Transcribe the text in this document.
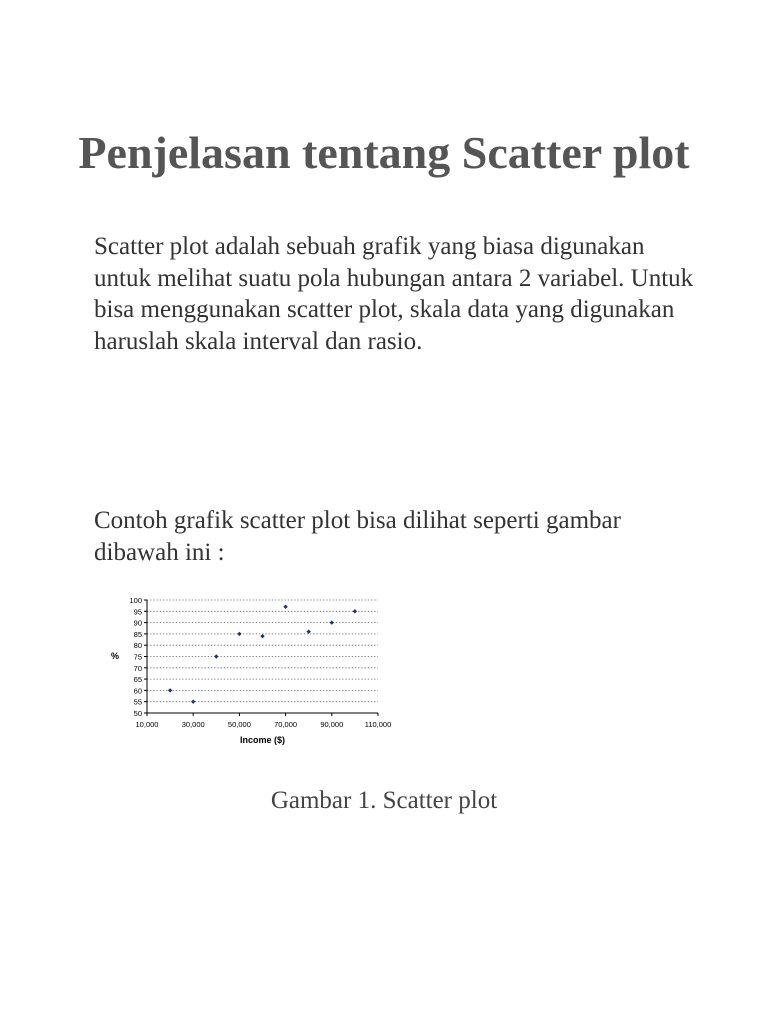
Penjelasan tentang Scatter plot

Scatter plot adalah sebuah grafik yang biasa digunakan untuk melihat suatu pola hubungan antara 2 variabel. Untuk bisa menggunakan scatter plot, skala data yang digunakan haruslah skala interval dan rasio.

Contoh grafik scatter plot bisa dilihat seperti gambar dibawah ini :

50
55
60
65
70
75
80
85
90
95
100
10,000	30,000	50,000	70,000	90,000	110,000
Income ($)
%

Gambar 1. Scatter plot
